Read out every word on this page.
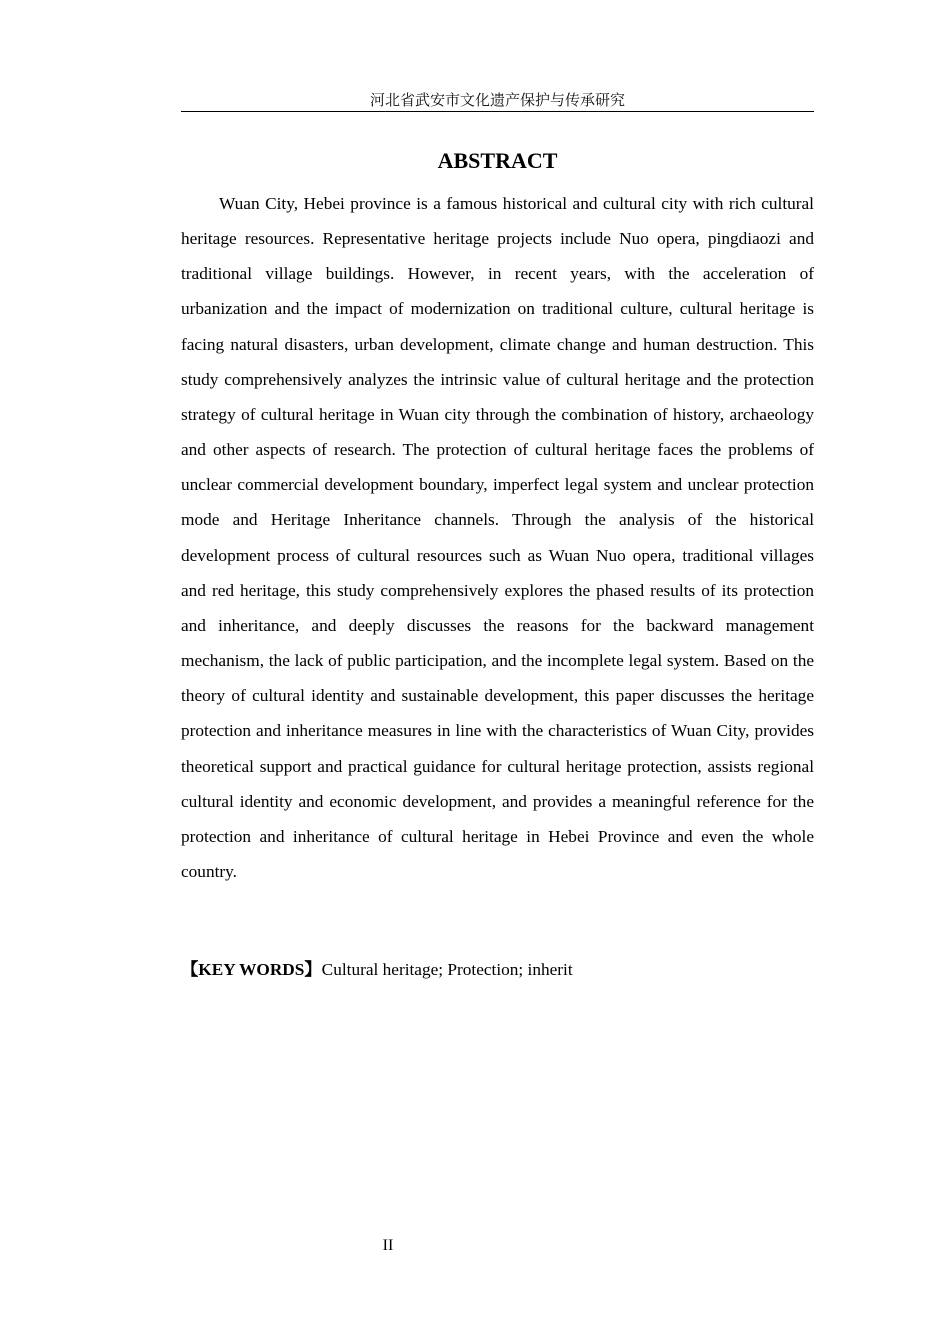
河北省武安市文化遗产保护与传承研究
ABSTRACT

Wuan City, Hebei province is a famous historical and cultural city with rich cultural heritage resources. Representative heritage projects include Nuo opera, pingdiaozi and traditional village buildings. However, in recent years, with the acceleration of urbanization and the impact of modernization on traditional culture, cultural heritage is facing natural disasters, urban development, climate change and human destruction. This study comprehensively analyzes the intrinsic value of cultural heritage and the protection strategy of cultural heritage in Wuan city through the combination of history, archaeology and other aspects of research. The protection of cultural heritage faces the problems of unclear commercial development boundary, imperfect legal system and unclear protection mode and Heritage Inheritance channels. Through the analysis of the historical development process of cultural resources such as Wuan Nuo opera, traditional villages and red heritage, this study comprehensively explores the phased results of its protection and inheritance, and deeply discusses the reasons for the backward management mechanism, the lack of public participation, and the incomplete legal system. Based on the theory of cultural identity and sustainable development, this paper discusses the heritage protection and inheritance measures in line with the characteristics of Wuan City, provides theoretical support and practical guidance for cultural heritage protection, assists regional cultural identity and economic development, and provides a meaningful reference for the protection and inheritance of cultural heritage in Hebei Province and even the whole country.

【KEY WORDS】Cultural heritage; Protection; inherit
II
